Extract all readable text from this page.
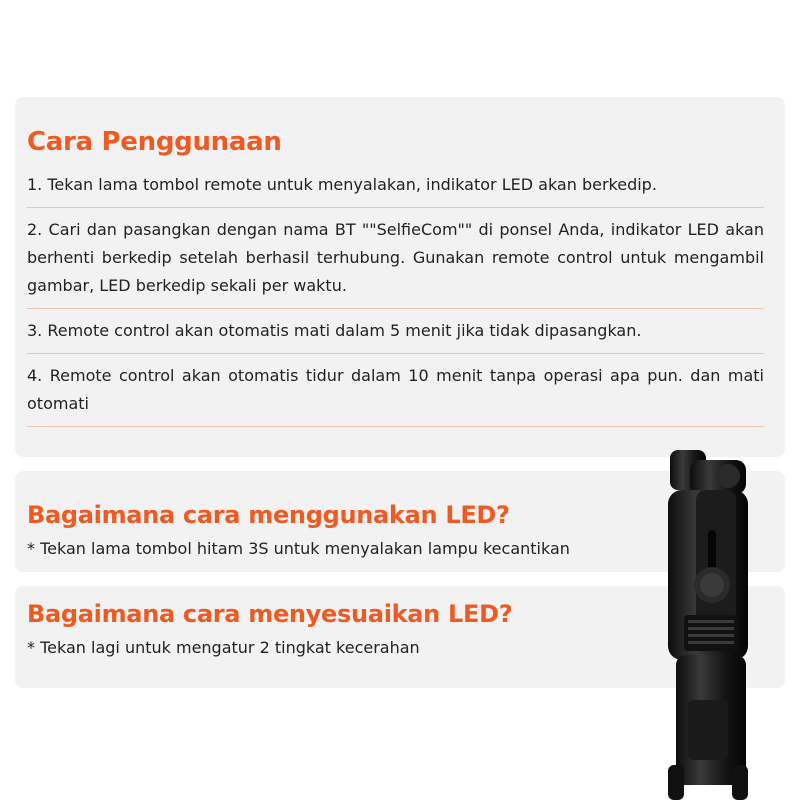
Cara Penggunaan
1. Tekan lama tombol remote untuk menyalakan, indikator LED akan berkedip.
2. Cari dan pasangkan dengan nama BT ""SelfieCom"" di ponsel Anda, indikator LED akan berhenti berkedip setelah berhasil terhubung. Gunakan remote control untuk mengambil gambar, LED berkedip sekali per waktu.
3. Remote control akan otomatis mati dalam 5 menit jika tidak dipasangkan.
4. Remote control akan otomatis tidur dalam 10 menit tanpa operasi apa pun. dan mati otomati
Bagaimana cara menggunakan LED?
* Tekan lama tombol hitam 3S untuk menyalakan lampu kecantikan
Bagaimana cara menyesuaikan LED?
* Tekan lagi untuk mengatur 2 tingkat kecerahan
